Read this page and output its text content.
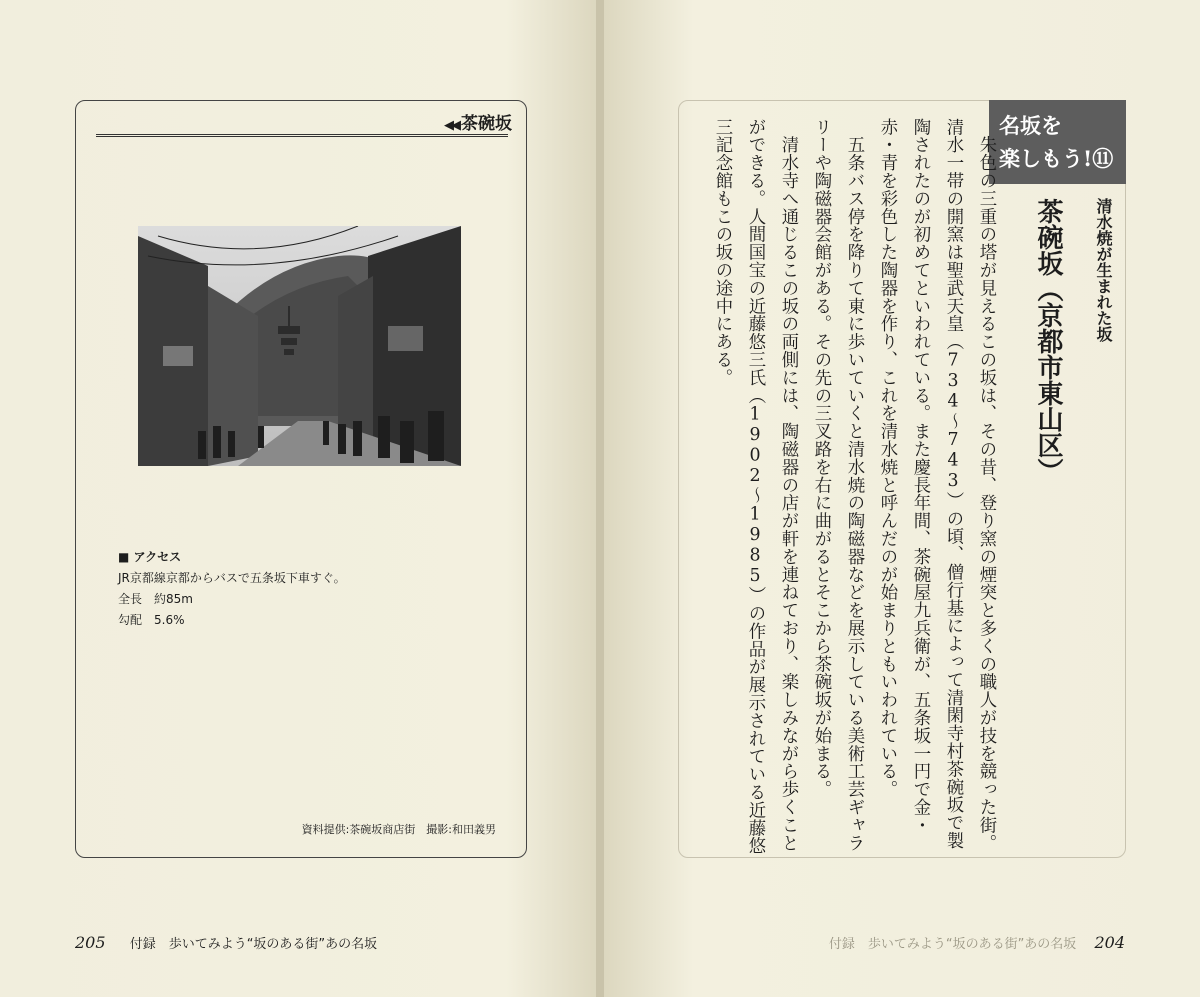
◀◀ 茶碗坂
■ アクセス
JR京都線京都からバスで五条坂下車すぐ。
全長　約85m
勾配　5.6%
資料提供:茶碗坂商店街　撮影:和田義男
205 付録　歩いてみよう“坂のある街”あの名坂
名坂を
楽しもう!⑪
清水焼が生まれた坂
茶碗坂（京都市東山区）

　朱色の三重の塔が見えるこの坂は、その昔、登り窯の煙突と多くの職人が技を競った街。清水一帯の開窯は聖武天皇（734〜743）の頃、僧行基によって清閑寺村茶碗坂で製陶されたのが初めてといわれている。また慶長年間、茶碗屋九兵衛が、五条坂一円で金・赤・青を彩色した陶器を作り、これを清水焼と呼んだのが始まりともいわれている。

　五条バス停を降りて東に歩いていくと清水焼の陶磁器などを展示している美術工芸ギャラリーや陶磁器会館がある。その先の三叉路を右に曲がるとそこから茶碗坂が始まる。

　清水寺へ通じるこの坂の両側には、陶磁器の店が軒を連ねており、楽しみながら歩くことができる。人間国宝の近藤悠三氏（1902〜1985）の作品が展示されている近藤悠三記念館もこの坂の途中にある。

付録　歩いてみよう“坂のある街”あの名坂 204
